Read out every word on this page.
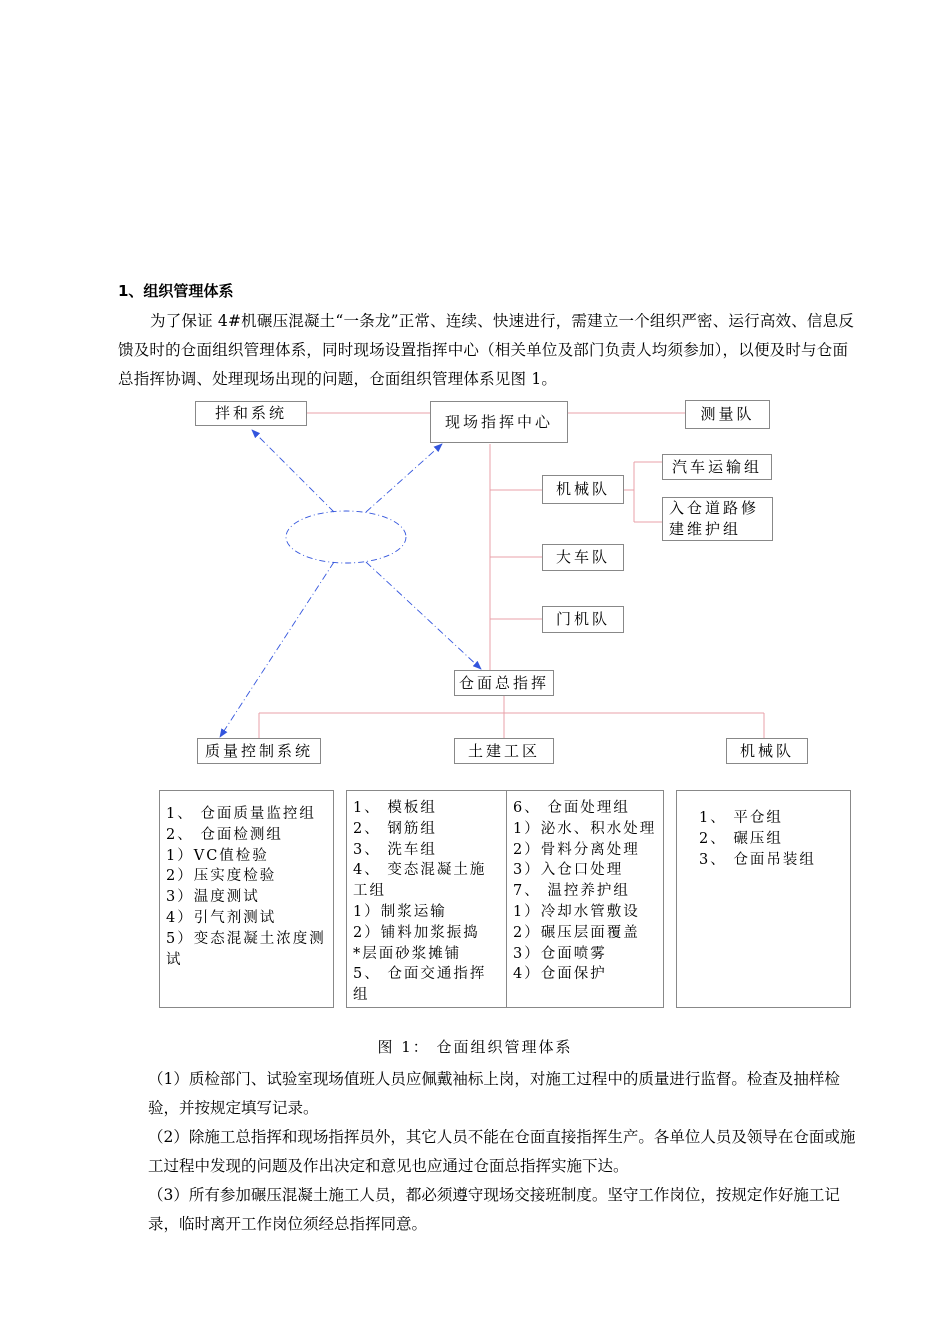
1、组织管理体系
为了保证 4#机碾压混凝土“一条龙”正常、连续、快速进行，需建立一个组织严密、运行高效、信息反馈及时的仓面组织管理体系，同时现场设置指挥中心（相关单位及部门负责人均须参加），以便及时与仓面总指挥协调、处理现场出现的问题，仓面组织管理体系见图 1。
拌和系统	现场指挥中心	测量队
机械队
汽车运输组
入仓道路修建维护组
大车队
门机队
仓面总指挥
质量控制系统	土建工区	机械队
1、 仓面质量监控组
2、 仓面检测组
1）VC值检验
2）压实度检验
3）温度测试
4）引气剂测试
5）变态混凝土浓度测试
1、 模板组
2、 钢筋组
3、 洗车组
4、 变态混凝土施工组
1）制浆运输
2）铺料加浆振捣
*层面砂浆摊铺
5、 仓面交通指挥组
6、 仓面处理组
1）泌水、积水处理
2）骨料分离处理
3）入仓口处理
7、 温控养护组
1）冷却水管敷设
2）碾压层面覆盖
3）仓面喷雾
4）仓面保护
1、 平仓组
2、 碾压组
3、 仓面吊装组
图 1： 仓面组织管理体系
（1）质检部门、试验室现场值班人员应佩戴袖标上岗，对施工过程中的质量进行监督。检查及抽样检验，并按规定填写记录。
（2）除施工总指挥和现场指挥员外，其它人员不能在仓面直接指挥生产。各单位人员及领导在仓面或施工过程中发现的问题及作出决定和意见也应通过仓面总指挥实施下达。
（3）所有参加碾压混凝土施工人员，都必须遵守现场交接班制度。坚守工作岗位，按规定作好施工记录，临时离开工作岗位须经总指挥同意。
